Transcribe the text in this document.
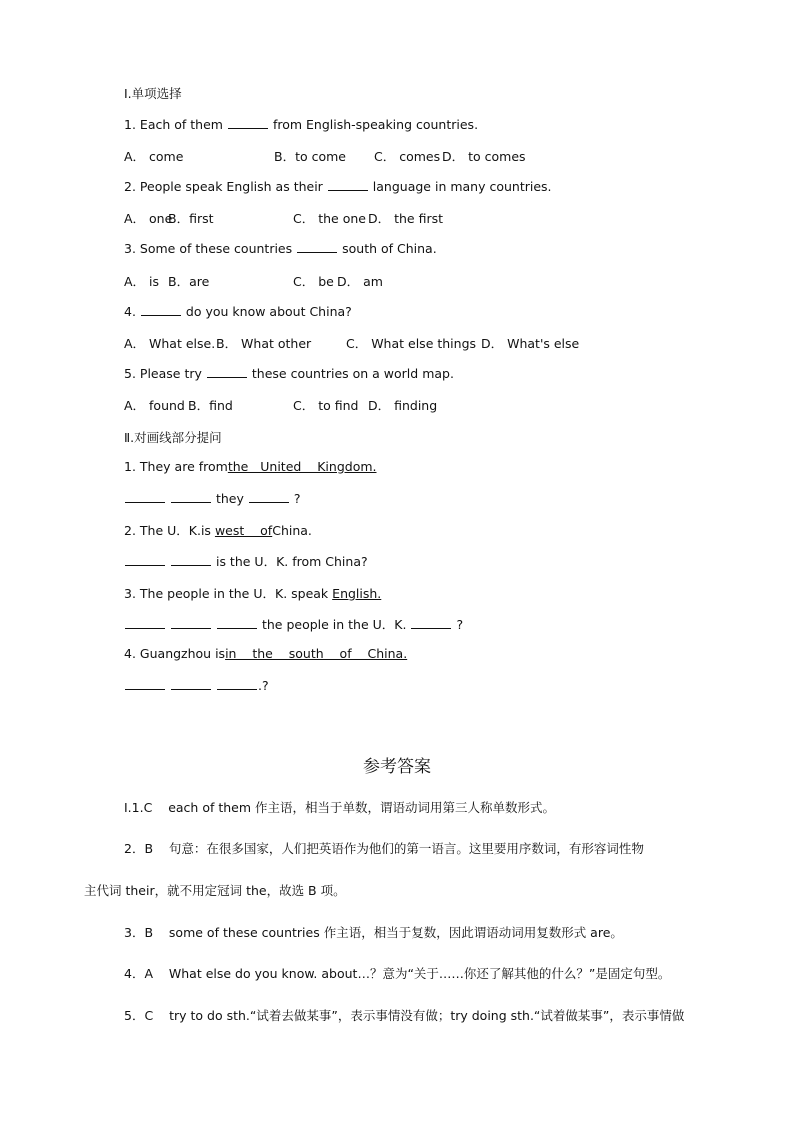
Ⅰ.单项选择
1. Each of them	from English-speaking countries.
A． come	B．to come C． comes D． to comes
2. People speak English as their	language in many countries.
A． oneB．first	C． the one D． the first
3. Some of these countries	south of China.
A． is B．are	C． be D． am
4.	do you know about China?
A． What else.B． What other	C． What else things D． What's else
5. Please try	these countries on a world map.
A． found B．find	C． to find D． finding
Ⅱ.对画线部分提问
1. They are fromthe   United    Kingdom.
they	?
2. The U．K.is west    ofChina.
is the U．K. from China?
3. The people in the U．K. speak English.
the people in the U．K.	?
4. Guangzhou isin    the    south    of    China.
.?
参考答案
Ⅰ.1.C    each of them 作主语，相当于单数，谓语动词用第三人称单数形式。
2．B    句意：在很多国家，人们把英语作为他们的第一语言。这里要用序数词，有形容词性物
主代词 their，就不用定冠词 the，故选 B 项。
3．B    some of these countries 作主语，相当于复数，因此谓语动词用复数形式 are。
4．A    What else do you know. about…？意为“关于……你还了解其他的什么？”是固定句型。
5．C    try to do sth.“试着去做某事”，表示事情没有做；try doing sth.“试着做某事”，表示事情做
